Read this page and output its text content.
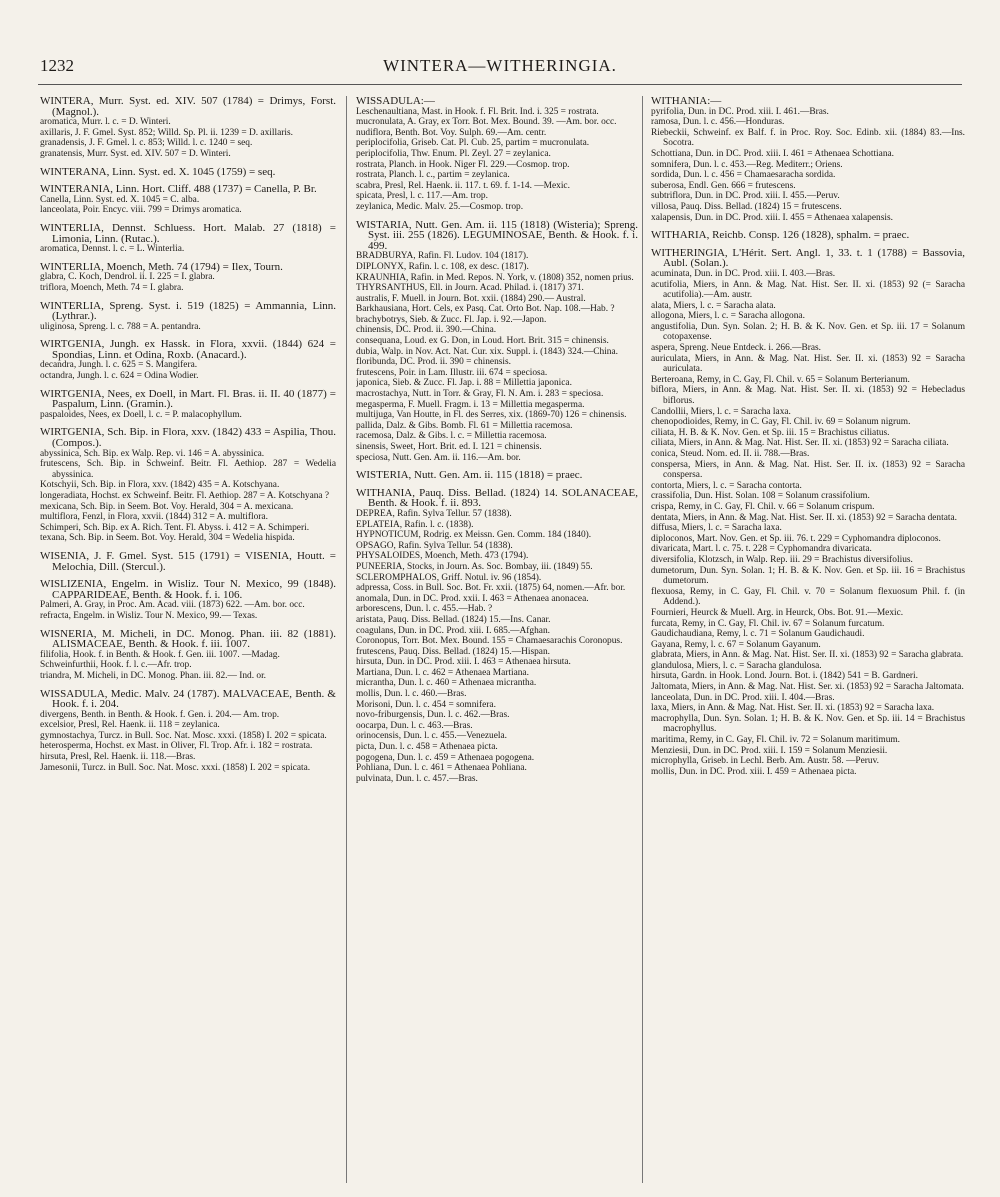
1232	WINTERA—WITHERINGIA.
WINTERA, Murr. Syst. ed. XIV. 507 (1784) = Drimys, Forst. (Magnol.).
aromatica, Murr. l. c. = D. Winteri.
axillaris, J. F. Gmel. Syst. 852; Willd. Sp. Pl. ii. 1239 = D. axillaris.
granadensis, J. F. Gmel. l. c. 853; Willd. l. c. 1240 = seq.
granatensis, Murr. Syst. ed. XIV. 507 = D. Winteri.
WINTERANA, Linn. Syst. ed. X. 1045 (1759) = seq.
WINTERANIA, Linn. Hort. Cliff. 488 (1737) = Canella, P. Br.
Canella, Linn. Syst. ed. X. 1045 = C. alba.
lanceolata, Poir. Encyc. viii. 799 = Drimys aromatica.
WINTERLIA, Dennst. Schluess. Hort. Malab. 27 (1818) = Limonia, Linn. (Rutac.).
aromatica, Dennst. l. c. = L. Winterlia.
WINTERLIA, Moench, Meth. 74 (1794) = Ilex, Tourn.
glabra, C. Koch, Dendrol. ii. I. 225 = I. glabra.
triflora, Moench, Meth. 74 = I. glabra.
WINTERLIA, Spreng. Syst. i. 519 (1825) = Ammannia, Linn. (Lythrar.).
uliginosa, Spreng. l. c. 788 = A. pentandra.
WIRTGENIA, Jungh. ex Hassk. in Flora, xxvii. (1844) 624 = Spondias, Linn. et Odina, Roxb. (Anacard.).
decandra, Jungh. l. c. 625 = S. Mangifera.
octandra, Jungh. l. c. 624 = Odina Wodier.
WIRTGENIA, Nees, ex Doell, in Mart. Fl. Bras. ii. II. 40 (1877) = Paspalum, Linn. (Gramin.).
paspaloides, Nees, ex Doell, l. c. = P. malacophyllum.
WIRTGENIA, Sch. Bip. in Flora, xxv. (1842) 433 = Aspilia, Thou. (Compos.).
abyssinica, Sch. Bip. ex Walp. Rep. vi. 146 = A. abyssinica.
frutescens, Sch. Bip. in Schweinf. Beitr. Fl. Aethiop. 287 = Wedelia abyssinica.
Kotschyii, Sch. Bip. in Flora, xxv. (1842) 435 = A. Kotschyana.
longeradiata, Hochst. ex Schweinf. Beitr. Fl. Aethiop. 287 = A. Kotschyana ?
mexicana, Sch. Bip. in Seem. Bot. Voy. Herald, 304 = A. mexicana.
multiflora, Fenzl, in Flora, xxvii. (1844) 312 = A. multiflora.
Schimperi, Sch. Bip. ex A. Rich. Tent. Fl. Abyss. i. 412 = A. Schimperi.
texana, Sch. Bip. in Seem. Bot. Voy. Herald, 304 = Wedelia hispida.
WISENIA, J. F. Gmel. Syst. 515 (1791) = VISENIA, Houtt. = Melochia, Dill. (Stercul.).
WISLIZENIA, Engelm. in Wisliz. Tour N. Mexico, 99 (1848). CAPPARIDEAE, Benth. & Hook. f. i. 106.
Palmeri, A. Gray, in Proc. Am. Acad. viii. (1873) 622. —Am. bor. occ.
refracta, Engelm. in Wisliz. Tour N. Mexico, 99.— Texas.
WISNERIA, M. Micheli, in DC. Monog. Phan. iii. 82 (1881). ALISMACEAE, Benth. & Hook. f. iii. 1007.
filifolia, Hook. f. in Benth. & Hook. f. Gen. iii. 1007. —Madag.
Schweinfurthii, Hook. f. l. c.—Afr. trop.
triandra, M. Micheli, in DC. Monog. Phan. iii. 82.— Ind. or.
WISSADULA, Medic. Malv. 24 (1787). MALVACEAE, Benth. & Hook. f. i. 204.
divergens, Benth. in Benth. & Hook. f. Gen. i. 204.— Am. trop.
excelsior, Presl, Rel. Haenk. ii. 118 = zeylanica.
gymnostachya, Turcz. in Bull. Soc. Nat. Mosc. xxxi. (1858) I. 202 = spicata.
heterosperma, Hochst. ex Mast. in Oliver, Fl. Trop. Afr. i. 182 = rostrata.
hirsuta, Presl, Rel. Haenk. ii. 118.—Bras.
Jamesonii, Turcz. in Bull. Soc. Nat. Mosc. xxxi. (1858) I. 202 = spicata.
WISSADULA:—
Leschenaultiana, Mast. in Hook. f. Fl. Brit. Ind. i. 325 = rostrata.
mucronulata, A. Gray, ex Torr. Bot. Mex. Bound. 39. —Am. bor. occ.
nudiflora, Benth. Bot. Voy. Sulph. 69.—Am. centr.
periplocifolia, Griseb. Cat. Pl. Cub. 25, partim = mucronulata.
periplocifolia, Thw. Enum. Pl. Zeyl. 27 = zeylanica.
rostrata, Planch. in Hook. Niger Fl. 229.—Cosmop. trop.
rostrata, Planch. l. c., partim = zeylanica.
scabra, Presl, Rel. Haenk. ii. 117. t. 69. f. 1-14. —Mexic.
spicata, Presl, l. c. 117.—Am. trop.
zeylanica, Medic. Malv. 25.—Cosmop. trop.
WISTARIA, Nutt. Gen. Am. ii. 115 (1818) (Wisteria); Spreng. Syst. iii. 255 (1826). LEGUMINOSAE, Benth. & Hook. f. i. 499.
BRADBURYA, Rafin. Fl. Ludov. 104 (1817).
DIPLONYX, Rafin. l. c. 108, ex desc. (1817).
KRAUNHIA, Rafin. in Med. Repos. N. York, v. (1808) 352, nomen prius.
THYRSANTHUS, Ell. in Journ. Acad. Philad. i. (1817) 371.
australis, F. Muell. in Journ. Bot. xxii. (1884) 290.— Austral.
Barkhausiana, Hort. Cels, ex Pasq. Cat. Orto Bot. Nap. 108.—Hab. ?
brachybotrys, Sieb. & Zucc. Fl. Jap. i. 92.—Japon.
chinensis, DC. Prod. ii. 390.—China.
consequana, Loud. ex G. Don, in Loud. Hort. Brit. 315 = chinensis.
dubia, Walp. in Nov. Act. Nat. Cur. xix. Suppl. i. (1843) 324.—China.
floribunda, DC. Prod. ii. 390 = chinensis.
frutescens, Poir. in Lam. Illustr. iii. 674 = speciosa.
japonica, Sieb. & Zucc. Fl. Jap. i. 88 = Millettia japonica.
macrostachya, Nutt. in Torr. & Gray, Fl. N. Am. i. 283 = speciosa.
megasperma, F. Muell. Fragm. i. 13 = Millettia megasperma.
multijuga, Van Houtte, in Fl. des Serres, xix. (1869-70) 126 = chinensis.
pallida, Dalz. & Gibs. Bomb. Fl. 61 = Millettia racemosa.
racemosa, Dalz. & Gibs. l. c. = Millettia racemosa.
sinensis, Sweet, Hort. Brit. ed. I. 121 = chinensis.
speciosa, Nutt. Gen. Am. ii. 116.—Am. bor.
WISTERIA, Nutt. Gen. Am. ii. 115 (1818) = praec.
WITHANIA, Pauq. Diss. Bellad. (1824) 14. SOLANACEAE, Benth. & Hook. f. ii. 893.
DEPREA, Rafin. Sylva Tellur. 57 (1838).
EPLATEIA, Rafin. l. c. (1838).
HYPNOTICUM, Rodrig. ex Meissn. Gen. Comm. 184 (1840).
OPSAGO, Rafin. Sylva Tellur. 54 (1838).
PHYSALOIDES, Moench, Meth. 473 (1794).
PUNEERIA, Stocks, in Journ. As. Soc. Bombay, iii. (1849) 55.
SCLEROMPHALOS, Griff. Notul. iv. 96 (1854).
adpressa, Coss. in Bull. Soc. Bot. Fr. xxii. (1875) 64, nomen.—Afr. bor.
anomala, Dun. in DC. Prod. xxii. I. 463 = Athenaea anonacea.
arborescens, Dun. l. c. 455.—Hab. ?
aristata, Pauq. Diss. Bellad. (1824) 15.—Ins. Canar.
coagulans, Dun. in DC. Prod. xiii. I. 685.—Afghan.
Coronopus, Torr. Bot. Mex. Bound. 155 = Chamaesarachis Coronopus.
frutescens, Pauq. Diss. Bellad. (1824) 15.—Hispan.
hirsuta, Dun. in DC. Prod. xiii. I. 463 = Athenaea hirsuta.
Martiana, Dun. l. c. 462 = Athenaea Martiana.
micrantha, Dun. l. c. 460 = Athenaea micrantha.
mollis, Dun. l. c. 460.—Bras.
Morisoni, Dun. l. c. 454 = somnifera.
novo-friburgensis, Dun. l. c. 462.—Bras.
oocarpa, Dun. l. c. 463.—Bras.
orinocensis, Dun. l. c. 455.—Venezuela.
picta, Dun. l. c. 458 = Athenaea picta.
pogogena, Dun. l. c. 459 = Athenaea pogogena.
Pohliana, Dun. l. c. 461 = Athenaea Pohliana.
pulvinata, Dun. l. c. 457.—Bras.
WITHANIA:—
pyrifolia, Dun. in DC. Prod. xiii. I. 461.—Bras.
ramosa, Dun. l. c. 456.—Honduras.
Riebeckii, Schweinf. ex Balf. f. in Proc. Roy. Soc. Edinb. xii. (1884) 83.—Ins. Socotra.
Schottiana, Dun. in DC. Prod. xiii. I. 461 = Athenaea Schottiana.
somnifera, Dun. l. c. 453.—Reg. Mediterr.; Oriens.
sordida, Dun. l. c. 456 = Chamaesaracha sordida.
suberosa, Endl. Gen. 666 = frutescens.
subtriflora, Dun. in DC. Prod. xiii. I. 455.—Peruv.
villosa, Pauq. Diss. Bellad. (1824) 15 = frutescens.
xalapensis, Dun. in DC. Prod. xiii. I. 455 = Athenaea xalapensis.
WITHARIA, Reichb. Consp. 126 (1828), sphalm. = praec.
WITHERINGIA, L'Hérit. Sert. Angl. 1, 33. t. 1 (1788) = Bassovia, Aubl. (Solan.).
acuminata, Dun. in DC. Prod. xiii. I. 403.—Bras.
acutifolia, Miers, in Ann. & Mag. Nat. Hist. Ser. II. xi. (1853) 92 (= Saracha acutifolia).—Am. austr.
alata, Miers, l. c. = Saracha alata.
allogona, Miers, l. c. = Saracha allogona.
angustifolia, Dun. Syn. Solan. 2; H. B. & K. Nov. Gen. et Sp. iii. 17 = Solanum cotopaxense.
aspera, Spreng. Neue Entdeck. i. 266.—Bras.
auriculata, Miers, in Ann. & Mag. Nat. Hist. Ser. II. xi. (1853) 92 = Saracha auriculata.
Berteroana, Remy, in C. Gay, Fl. Chil. v. 65 = Solanum Berterianum.
biflora, Miers, in Ann. & Mag. Nat. Hist. Ser. II. xi. (1853) 92 = Hebecladus biflorus.
Candollii, Miers, l. c. = Saracha laxa.
chenopodioides, Remy, in C. Gay, Fl. Chil. iv. 69 = Solanum nigrum.
ciliata, H. B. & K. Nov. Gen. et Sp. iii. 15 = Brachistus ciliatus.
ciliata, Miers, in Ann. & Mag. Nat. Hist. Ser. II. xi. (1853) 92 = Saracha ciliata.
conica, Steud. Nom. ed. II. ii. 788.—Bras.
conspersa, Miers, in Ann. & Mag. Nat. Hist. Ser. II. ix. (1853) 92 = Saracha conspersa.
contorta, Miers, l. c. = Saracha contorta.
crassifolia, Dun. Hist. Solan. 108 = Solanum crassifolium.
crispa, Remy, in C. Gay, Fl. Chil. v. 66 = Solanum crispum.
dentata, Miers, in Ann. & Mag. Nat. Hist. Ser. II. xi. (1853) 92 = Saracha dentata.
diffusa, Miers, l. c. = Saracha laxa.
diploconos, Mart. Nov. Gen. et Sp. iii. 76. t. 229 = Cyphomandra diploconos.
divaricata, Mart. l. c. 75. t. 228 = Cyphomandra divaricata.
diversifolia, Klotzsch, in Walp. Rep. iii. 29 = Brachistus diversifolius.
dumetorum, Dun. Syn. Solan. 1; H. B. & K. Nov. Gen. et Sp. iii. 16 = Brachistus dumetorum.
flexuosa, Remy, in C. Gay, Fl. Chil. v. 70 = Solanum flexuosum Phil. f. (in Addend.).
Fournieri, Heurck & Muell. Arg. in Heurck, Obs. Bot. 91.—Mexic.
furcata, Remy, in C. Gay, Fl. Chil. iv. 67 = Solanum furcatum.
Gaudichaudiana, Remy, l. c. 71 = Solanum Gaudichaudi.
Gayana, Remy, l. c. 67 = Solanum Gayanum.
glabrata, Miers, in Ann. & Mag. Nat. Hist. Ser. II. xi. (1853) 92 = Saracha glabrata.
glandulosa, Miers, l. c. = Saracha glandulosa.
hirsuta, Gardn. in Hook. Lond. Journ. Bot. i. (1842) 541 = B. Gardneri.
Jaltomata, Miers, in Ann. & Mag. Nat. Hist. Ser. xi. (1853) 92 = Saracha Jaltomata.
lanceolata, Dun. in DC. Prod. xiii. I. 404.—Bras.
laxa, Miers, in Ann. & Mag. Nat. Hist. Ser. II. xi. (1853) 92 = Saracha laxa.
macrophylla, Dun. Syn. Solan. 1; H. B. & K. Nov. Gen. et Sp. iii. 14 = Brachistus macrophyllus.
maritima, Remy, in C. Gay, Fl. Chil. iv. 72 = Solanum maritimum.
Menziesii, Dun. in DC. Prod. xiii. I. 159 = Solanum Menziesii.
microphylla, Griseb. in Lechl. Berb. Am. Austr. 58. —Peruv.
mollis, Dun. in DC. Prod. xiii. I. 459 = Athenaea picta.
